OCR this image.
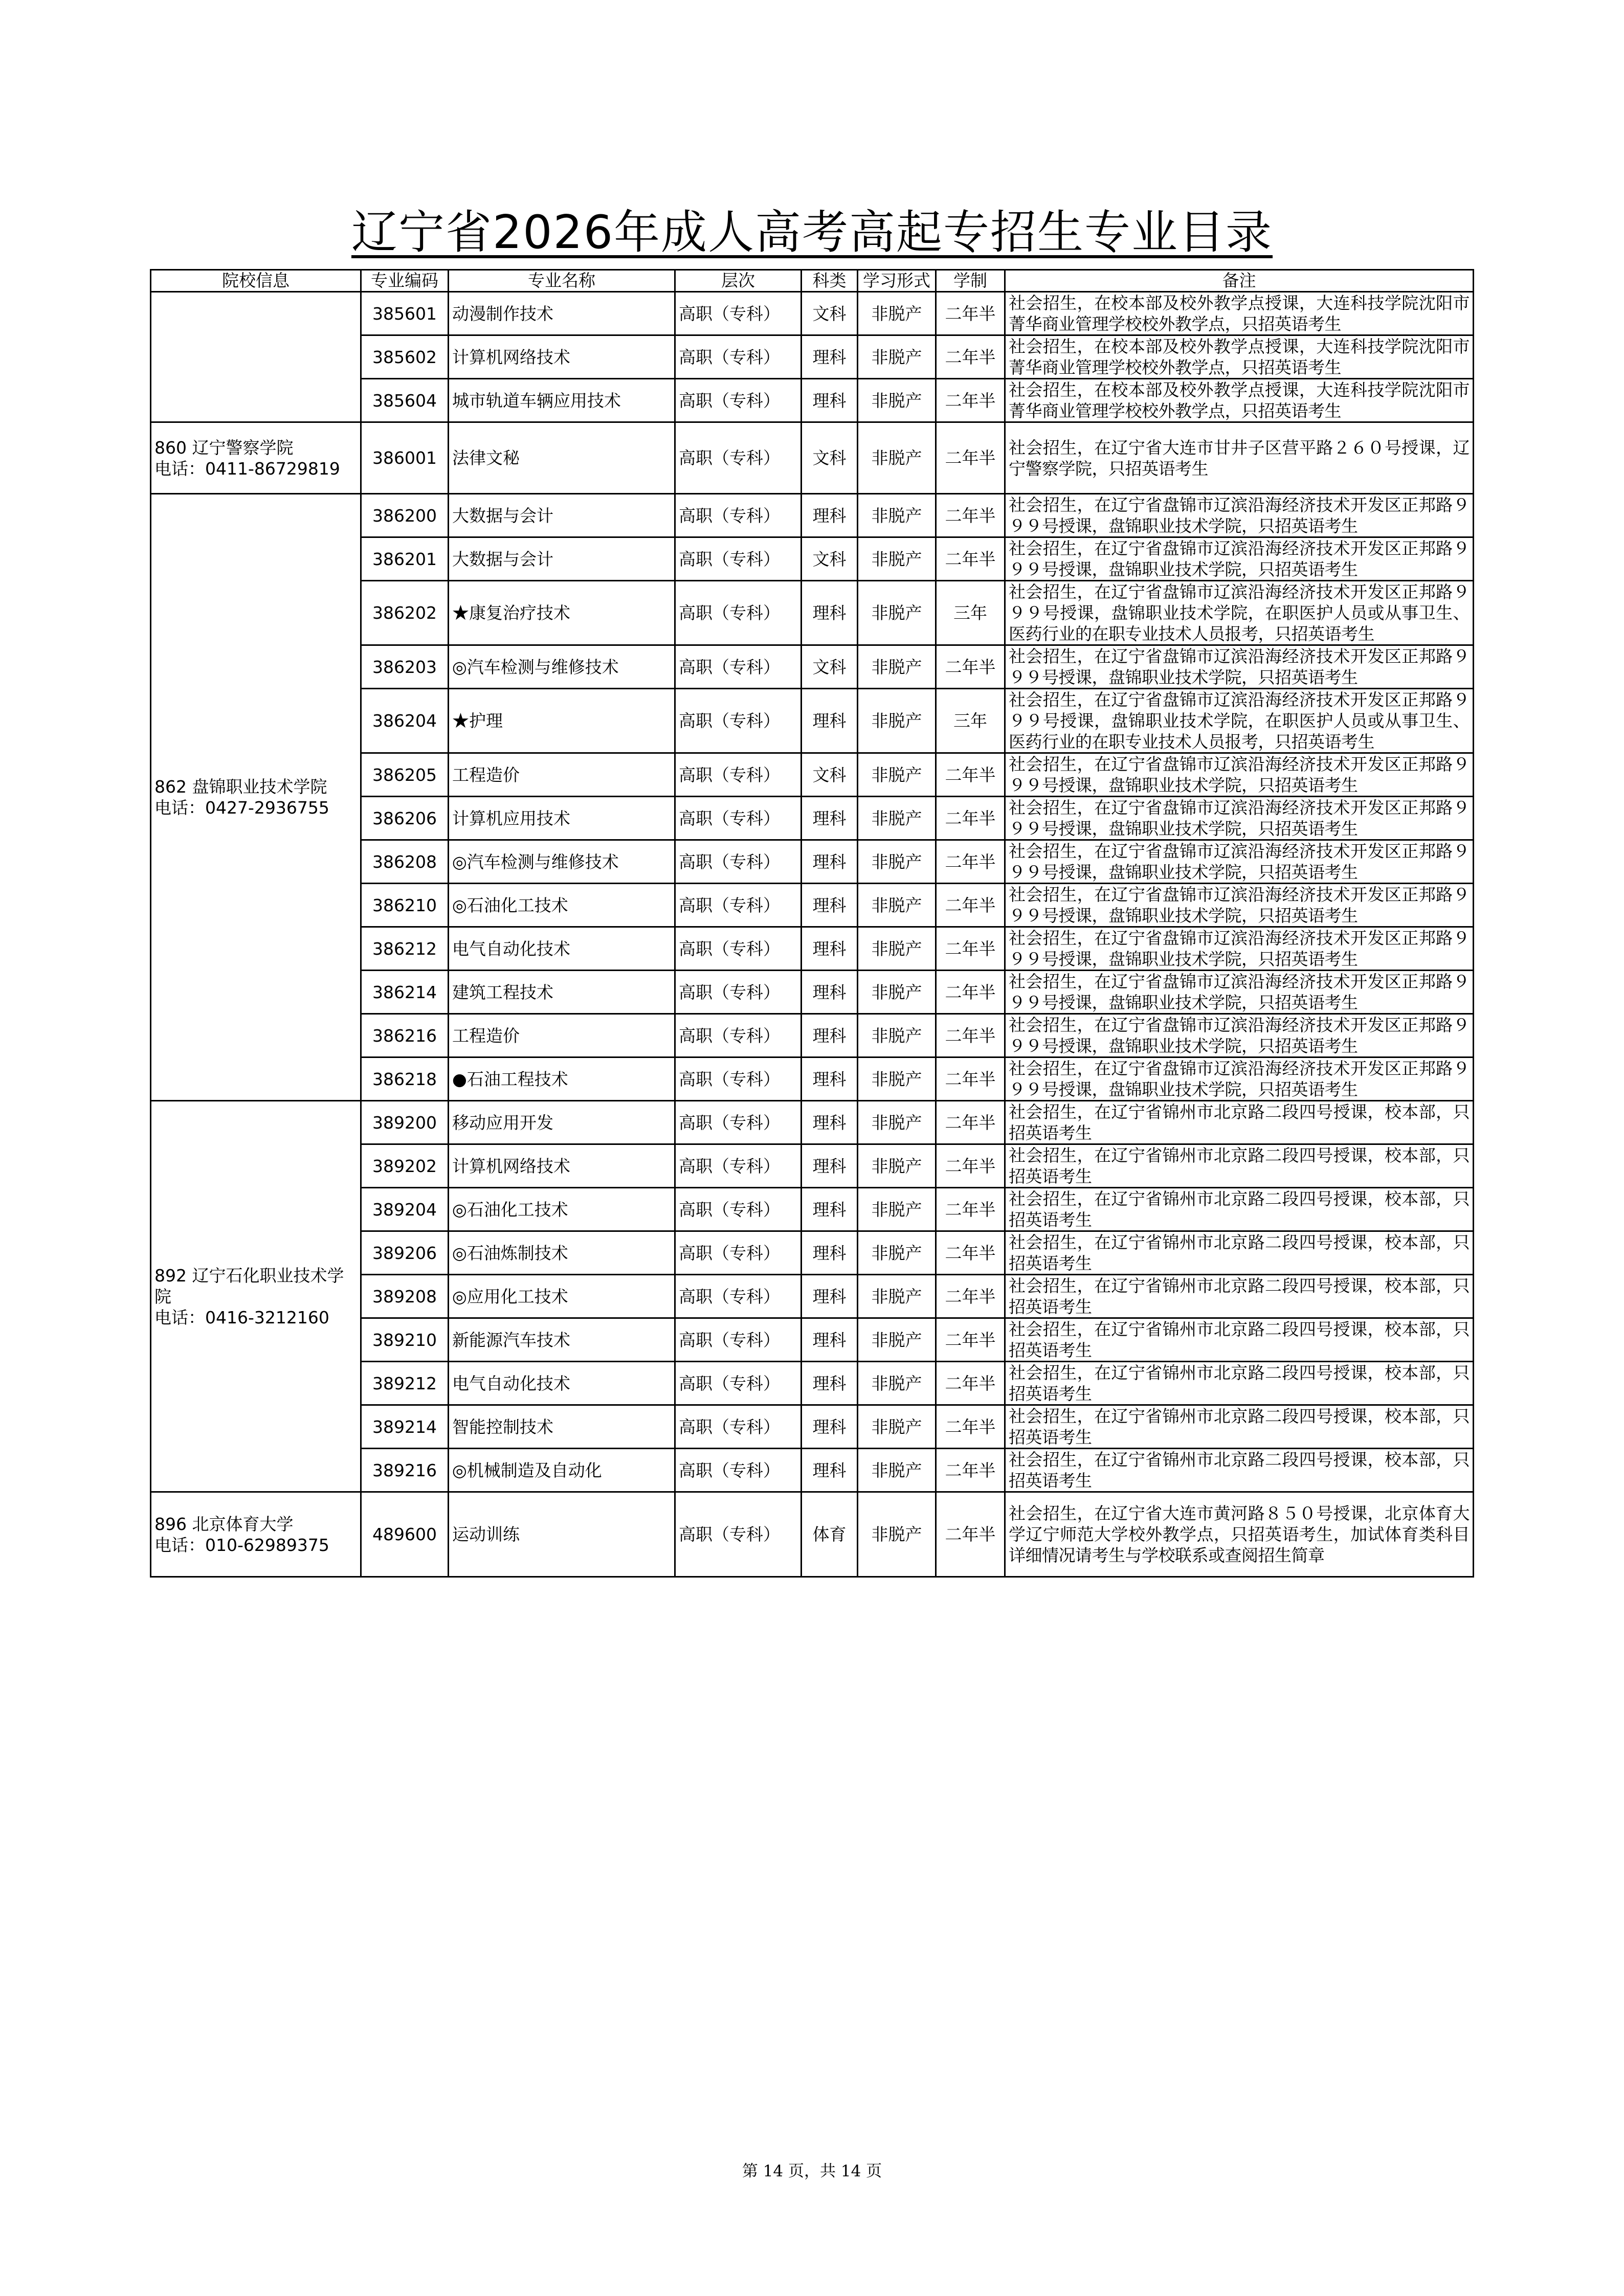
辽宁省2026年成人高考高起专招生专业目录
院校信息	专业编码	专业名称	层次	科类	学习形式	学制	备注

	385601	动漫制作技术	高职（专科）	文科	非脱产	二年半	社会招生，在校本部及校外教学点授课，大连科技学院沈阳市菁华商业管理学校校外教学点，只招英语考生
	385602	计算机网络技术	高职（专科）	理科	非脱产	二年半	社会招生，在校本部及校外教学点授课，大连科技学院沈阳市菁华商业管理学校校外教学点，只招英语考生
	385604	城市轨道车辆应用技术	高职（专科）	理科	非脱产	二年半	社会招生，在校本部及校外教学点授课，大连科技学院沈阳市菁华商业管理学校校外教学点，只招英语考生

860 辽宁警察学院
电话：0411-86729819	386001	法律文秘	高职（专科）	文科	非脱产	二年半	社会招生，在辽宁省大连市甘井子区营平路２６０号授课，辽宁警察学院，只招英语考生

862 盘锦职业技术学院
电话：0427-2936755	386200	大数据与会计	高职（专科）	理科	非脱产	二年半	社会招生，在辽宁省盘锦市辽滨沿海经济技术开发区正邦路９９９号授课，盘锦职业技术学院，只招英语考生
	386201	大数据与会计	高职（专科）	文科	非脱产	二年半	社会招生，在辽宁省盘锦市辽滨沿海经济技术开发区正邦路９９９号授课，盘锦职业技术学院，只招英语考生
	386202	★康复治疗技术	高职（专科）	理科	非脱产	三年	社会招生，在辽宁省盘锦市辽滨沿海经济技术开发区正邦路９９９号授课，盘锦职业技术学院，在职医护人员或从事卫生、医药行业的在职专业技术人员报考，只招英语考生
	386203	◎汽车检测与维修技术	高职（专科）	文科	非脱产	二年半	社会招生，在辽宁省盘锦市辽滨沿海经济技术开发区正邦路９９９号授课，盘锦职业技术学院，只招英语考生
	386204	★护理	高职（专科）	理科	非脱产	三年	社会招生，在辽宁省盘锦市辽滨沿海经济技术开发区正邦路９９９号授课，盘锦职业技术学院，在职医护人员或从事卫生、医药行业的在职专业技术人员报考，只招英语考生
	386205	工程造价	高职（专科）	文科	非脱产	二年半	社会招生，在辽宁省盘锦市辽滨沿海经济技术开发区正邦路９９９号授课，盘锦职业技术学院，只招英语考生
	386206	计算机应用技术	高职（专科）	理科	非脱产	二年半	社会招生，在辽宁省盘锦市辽滨沿海经济技术开发区正邦路９９９号授课，盘锦职业技术学院，只招英语考生
	386208	◎汽车检测与维修技术	高职（专科）	理科	非脱产	二年半	社会招生，在辽宁省盘锦市辽滨沿海经济技术开发区正邦路９９９号授课，盘锦职业技术学院，只招英语考生
	386210	◎石油化工技术	高职（专科）	理科	非脱产	二年半	社会招生，在辽宁省盘锦市辽滨沿海经济技术开发区正邦路９９９号授课，盘锦职业技术学院，只招英语考生
	386212	电气自动化技术	高职（专科）	理科	非脱产	二年半	社会招生，在辽宁省盘锦市辽滨沿海经济技术开发区正邦路９９９号授课，盘锦职业技术学院，只招英语考生
	386214	建筑工程技术	高职（专科）	理科	非脱产	二年半	社会招生，在辽宁省盘锦市辽滨沿海经济技术开发区正邦路９９９号授课，盘锦职业技术学院，只招英语考生
	386216	工程造价	高职（专科）	理科	非脱产	二年半	社会招生，在辽宁省盘锦市辽滨沿海经济技术开发区正邦路９９９号授课，盘锦职业技术学院，只招英语考生
	386218	●石油工程技术	高职（专科）	理科	非脱产	二年半	社会招生，在辽宁省盘锦市辽滨沿海经济技术开发区正邦路９９９号授课，盘锦职业技术学院，只招英语考生

892 辽宁石化职业技术学院
电话：0416-3212160	389200	移动应用开发	高职（专科）	理科	非脱产	二年半	社会招生，在辽宁省锦州市北京路二段四号授课，校本部，只招英语考生
	389202	计算机网络技术	高职（专科）	理科	非脱产	二年半	社会招生，在辽宁省锦州市北京路二段四号授课，校本部，只招英语考生
	389204	◎石油化工技术	高职（专科）	理科	非脱产	二年半	社会招生，在辽宁省锦州市北京路二段四号授课，校本部，只招英语考生
	389206	◎石油炼制技术	高职（专科）	理科	非脱产	二年半	社会招生，在辽宁省锦州市北京路二段四号授课，校本部，只招英语考生
	389208	◎应用化工技术	高职（专科）	理科	非脱产	二年半	社会招生，在辽宁省锦州市北京路二段四号授课，校本部，只招英语考生
	389210	新能源汽车技术	高职（专科）	理科	非脱产	二年半	社会招生，在辽宁省锦州市北京路二段四号授课，校本部，只招英语考生
	389212	电气自动化技术	高职（专科）	理科	非脱产	二年半	社会招生，在辽宁省锦州市北京路二段四号授课，校本部，只招英语考生
	389214	智能控制技术	高职（专科）	理科	非脱产	二年半	社会招生，在辽宁省锦州市北京路二段四号授课，校本部，只招英语考生
	389216	◎机械制造及自动化	高职（专科）	理科	非脱产	二年半	社会招生，在辽宁省锦州市北京路二段四号授课，校本部，只招英语考生

896 北京体育大学
电话：010-62989375	489600	运动训练	高职（专科）	体育	非脱产	二年半	社会招生，在辽宁省大连市黄河路８５０号授课，北京体育大学辽宁师范大学校外教学点，只招英语考生，加试体育类科目详细情况请考生与学校联系或查阅招生简章
第 14 页，共 14 页
